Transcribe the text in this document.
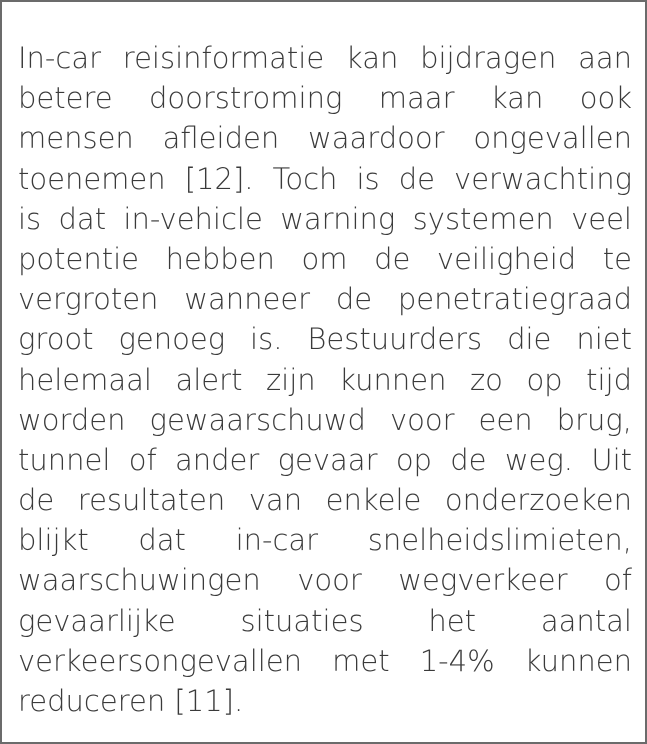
In-car reisinformatie kan bijdragen aan
betere doorstroming maar kan ook
mensen afleiden waardoor ongevallen
toenemen [12]. Toch is de verwachting
is dat in-vehicle warning systemen veel
potentie hebben om de veiligheid te
vergroten wanneer de penetratiegraad
groot genoeg is. Bestuurders die niet
helemaal alert zijn kunnen zo op tijd
worden gewaarschuwd voor een brug,
tunnel of ander gevaar op de weg. Uit
de resultaten van enkele onderzoeken
blijkt dat in-car snelheidslimieten,
waarschuwingen voor wegverkeer of
gevaarlijke situaties het aantal
verkeersongevallen met 1-4% kunnen
reduceren [11].
